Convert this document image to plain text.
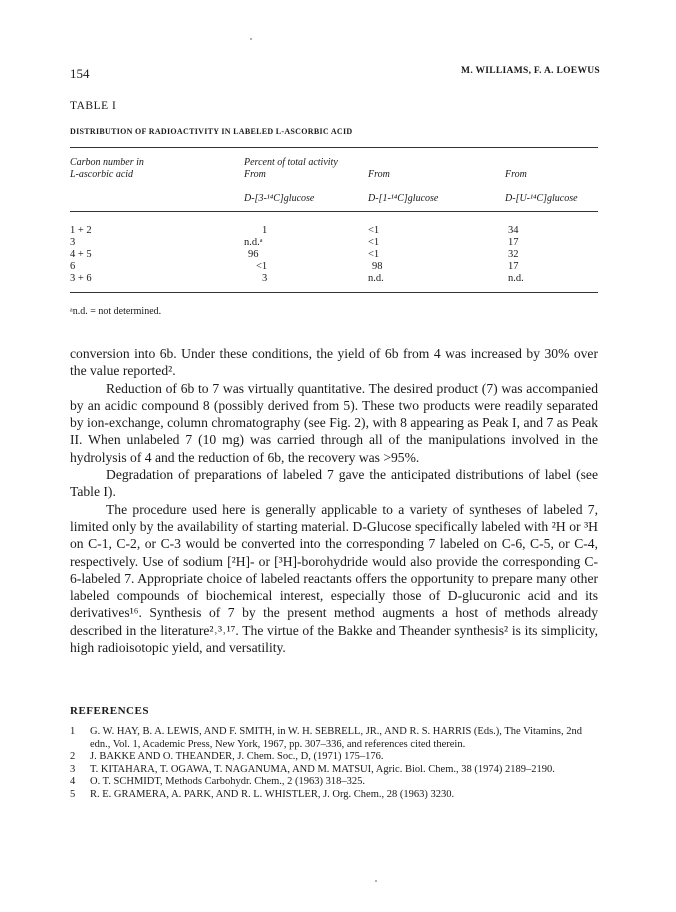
154	M. WILLIAMS, F. A. LOEWUS
TABLE I
DISTRIBUTION OF RADIOACTIVITY IN LABELED L-ASCORBIC ACID
Carbon number in
L-ascorbic acid
Percent of total activity
From	From	From
D-[3-¹⁴C]glucose	D-[1-¹⁴C]glucose	D-[U-¹⁴C]glucose
1 + 2	1	<1	34
3	n.d.ᵃ	<1	17
4 + 5	96	<1	32
6	<1	98	17
3 + 6	3	n.d.	n.d.
ᵃn.d. = not determined.

conversion into 6b. Under these conditions, the yield of 6b from 4 was increased by 30% over the value reported².

Reduction of 6b to 7 was virtually quantitative. The desired product (7) was accompanied by an acidic compound 8 (possibly derived from 5). These two products were readily separated by ion-exchange, column chromatography (see Fig. 2), with 8 appearing as Peak I, and 7 as Peak II. When unlabeled 7 (10 mg) was carried through all of the manipulations involved in the hydrolysis of 4 and the reduction of 6b, the recovery was >95%.

Degradation of preparations of labeled 7 gave the anticipated distributions of label (see Table I).

The procedure used here is generally applicable to a variety of syntheses of labeled 7, limited only by the availability of starting material. D-Glucose specifically labeled with ²H or ³H on C-1, C-2, or C-3 would be converted into the corresponding 7 labeled on C-6, C-5, or C-4, respectively. Use of sodium [²H]- or [³H]-borohydride would also provide the corresponding C-6-labeled 7. Appropriate choice of labeled reactants offers the opportunity to prepare many other labeled compounds of biochemical interest, especially those of D-glucuronic acid and its derivatives¹⁶. Synthesis of 7 by the present method augments a host of methods already described in the literature²˒³˒¹⁷. The virtue of the Bakke and Theander synthesis² is its simplicity, high radioisotopic yield, and versatility.

REFERENCES
1	G. W. HAY, B. A. LEWIS, AND F. SMITH, in W. H. SEBRELL, JR., AND R. S. HARRIS (Eds.), The Vitamins, 2nd edn., Vol. 1, Academic Press, New York, 1967, pp. 307–336, and references cited therein.
2	J. BAKKE AND O. THEANDER, J. Chem. Soc., D, (1971) 175–176.
3	T. KITAHARA, T. OGAWA, T. NAGANUMA, AND M. MATSUI, Agric. Biol. Chem., 38 (1974) 2189–2190.
4	O. T. SCHMIDT, Methods Carbohydr. Chem., 2 (1963) 318–325.
5	R. E. GRAMERA, A. PARK, AND R. L. WHISTLER, J. Org. Chem., 28 (1963) 3230.
